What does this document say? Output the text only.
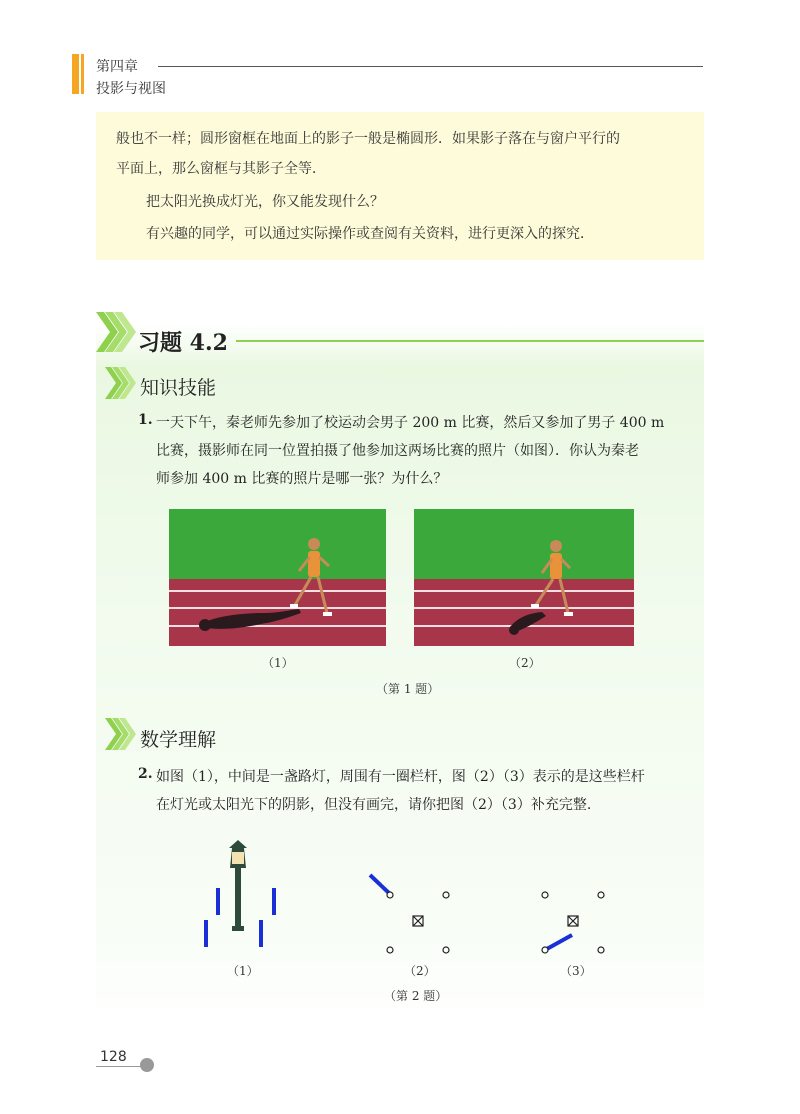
第四章
投影与视图

般也不一样；圆形窗框在地面上的影子一般是椭圆形．如果影子落在与窗户平行的

平面上，那么窗框与其影子全等．

把太阳光换成灯光，你又能发现什么？

有兴趣的同学，可以通过实际操作或查阅有关资料，进行更深入的探究．

习题 4.2
知识技能
1. 一天下午，秦老师先参加了校运动会男子 200 m 比赛，然后又参加了男子 400 m
比赛，摄影师在同一位置拍摄了他参加这两场比赛的照片（如图）．你认为秦老
师参加 400 m 比赛的照片是哪一张？为什么？
（1）	（2）
（第 1 题）
数学理解
2. 如图（1），中间是一盏路灯，周围有一圈栏杆，图（2）（3）表示的是这些栏杆
在灯光或太阳光下的阴影，但没有画完，请你把图（2）（3）补充完整.
（1）	（2）	（3）
（第 2 题）
128
